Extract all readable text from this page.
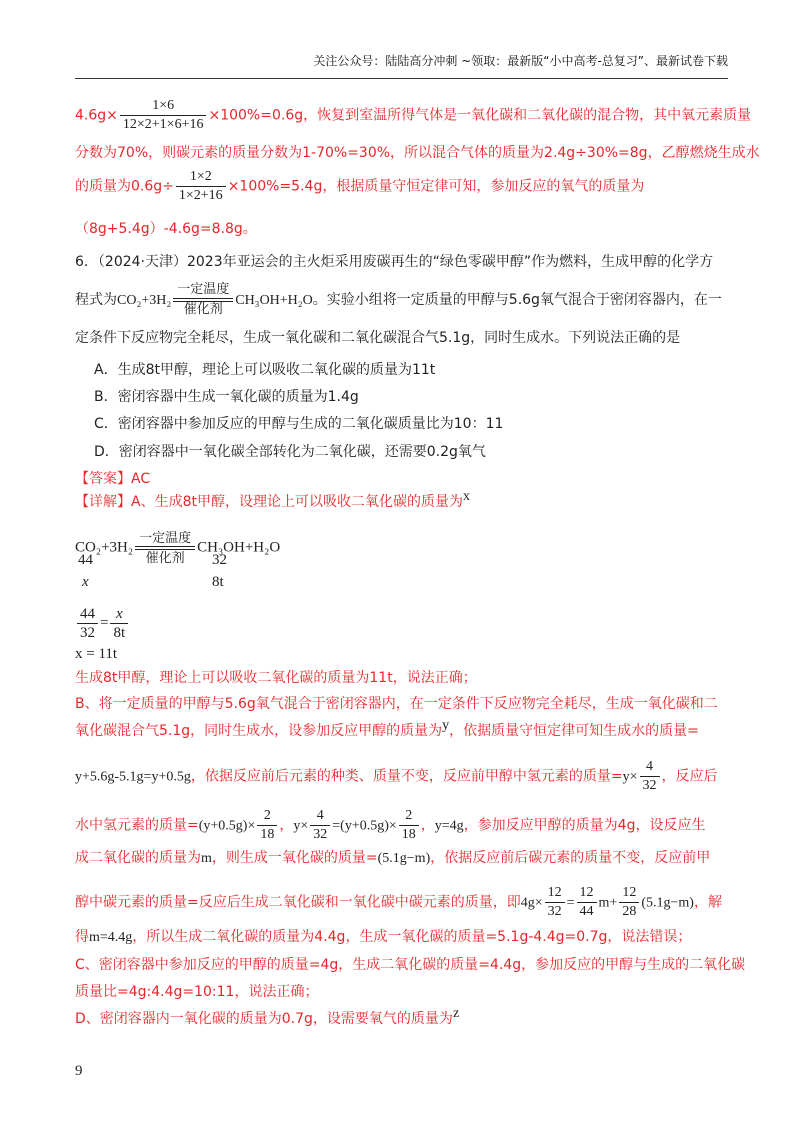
关注公众号：陆陆高分冲刺 ~领取：最新版“小中高考-总复习”、最新试卷下载
$4.6g\times \frac{1\times 6}{12\times 2+1\times 6+16} \times 100\%=0.6g$，恢复到室温所得气体是一氧化碳和二氧化碳的混合物，其中氧元素质量
分数为70%，则碳元素的质量分数为1-70%=30%，所以混合气体的质量为2.4g÷30%=8g，乙醇燃烧生成水
的质量为$0.6g\div \frac{1\times 2}{1\times 2+16} \times 100\%=5.4g$，根据质量守恒定律可知，参加反应的氧气的质量为
（8g+5.4g）-4.6g=8.8g。
6．（2024·天津）2023年亚运会的主火炬采用废碳再生的“绿色零碳甲醇”作为燃料，生成甲醇的化学方
程式为CO₂+3H₂
一定温度
催化剂
CH₃OH+H₂O。实验小组将一定质量的甲醇与5.6g氧气混合于密闭容器内，在一
定条件下反应物完全耗尽，生成一氧化碳和二氧化碳混合气5.1g，同时生成水。下列说法正确的是
A．生成8t甲醇，理论上可以吸收二氧化碳的质量为11t
B．密闭容器中生成一氧化碳的质量为1.4g
C．密闭容器中参加反应的甲醇与生成的二氧化碳质量比为10：11
D．密闭容器中一氧化碳全部转化为二氧化碳，还需要0.2g氧气
【答案】AC
【详解】A、生成8t甲醇，设理论上可以吸收二氧化碳的质量为x
CO₂+3H₂
一定温度
催化剂
CH₃OH+H₂O
44	32
x	8t
$\frac{44}{32} = \frac{x}{8t}$
x = 11t
生成8t甲醇，理论上可以吸收二氧化碳的质量为11t，说法正确；
B、将一定质量的甲醇与5.6g氧气混合于密闭容器内，在一定条件下反应物完全耗尽，生成一氧化碳和二
氧化碳混合气5.1g，同时生成水，设参加反应甲醇的质量为y，依据质量守恒定律可知生成水的质量=
y+5.6g-5.1g=y+0.5g，依据反应前后元素的种类、质量不变，反应前甲醇中氢元素的质量$=y\times \frac{4}{32}$ ，反应后
水中氢元素的质量$=(y+0.5g)\times \frac{2}{18}$ ，$y\times \frac{4}{32} =(y+0.5g)\times \frac{2}{18}$ ，y=4g，参加反应甲醇的质量为4g，设反应生
成二氧化碳的质量为m，则生成一氧化碳的质量=(5.1g−m)，依据反应前后碳元素的质量不变，反应前甲
醇中碳元素的质量=反应后生成二氧化碳和一氧化碳中碳元素的质量，即$4g\times \frac{12}{32} = \frac{12}{44} m+ \frac{12}{28} (5.1g-m)$，解
得m=4.4g，所以生成二氧化碳的质量为4.4g，生成一氧化碳的质量=5.1g-4.4g=0.7g，说法错误；
C、密闭容器中参加反应的甲醇的质量=4g，生成二氧化碳的质量=4.4g，参加反应的甲醇与生成的二氧化碳
质量比=4g:4.4g=10:11，说法正确；
D、密闭容器内一氧化碳的质量为0.7g，设需要氧气的质量为z
9
